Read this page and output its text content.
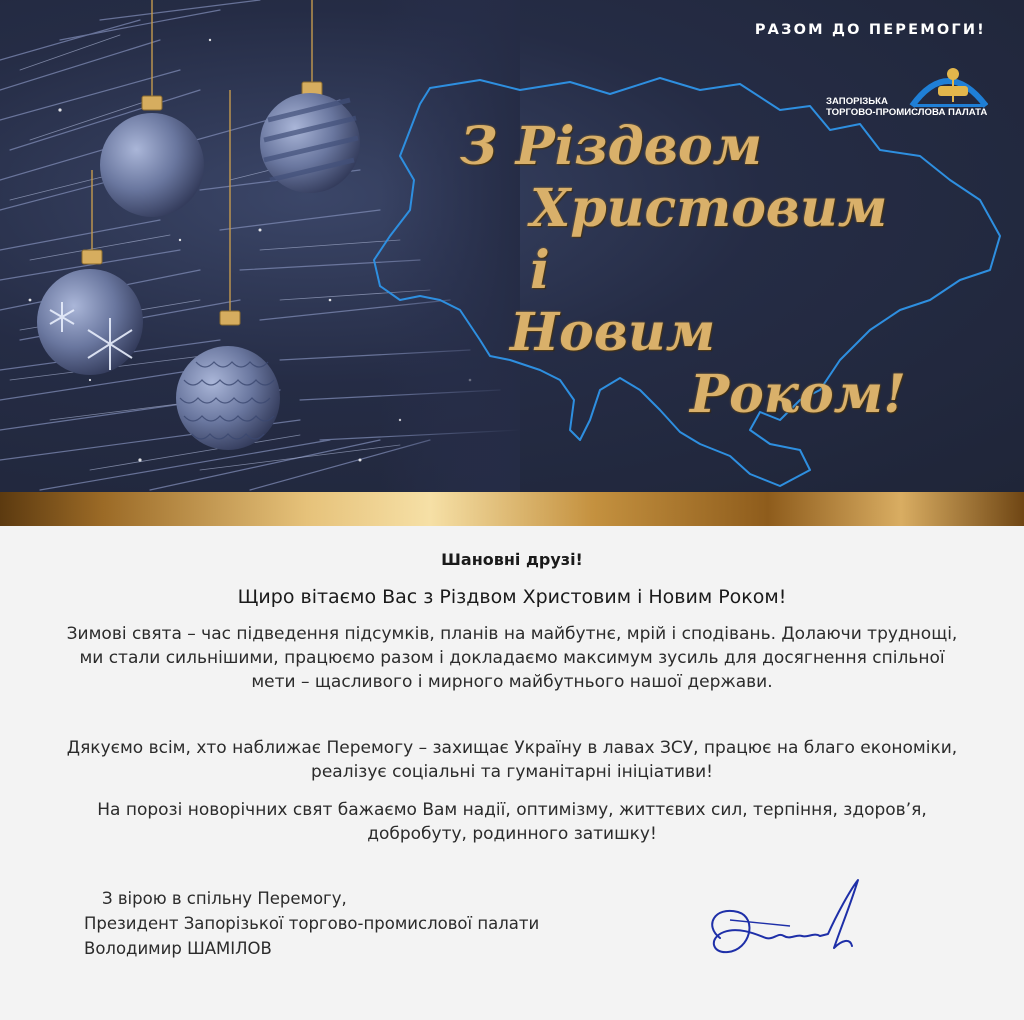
РАЗОМ ДО ПЕРЕМОГИ!
ЗАПОРІЗЬКА
ТОРГОВО-ПРОМИСЛОВА ПАЛАТА
З Різдвом
Христовим і
Новим
Роком!
Шановні друзі!
Щиро вітаємо Вас з Різдвом Христовим і Новим Роком!
Зимові свята – час підведення підсумків, планів на майбутнє, мрій і сподівань. Долаючи труднощі, ми стали сильнішими, працюємо разом і докладаємо максимум зусиль для досягнення спільної мети – щасливого і мирного майбутнього нашої держави.
Дякуємо всім, хто наближає Перемогу – захищає Україну в лавах ЗСУ, працює на благо економіки, реалізує соціальні та гуманітарні ініціативи!
На порозі новорічних свят бажаємо Вам надії, оптимізму, життєвих сил, терпіння, здоров’я, добробуту, родинного затишку!
З вірою в спільну Перемогу,
Президент Запорізької торгово-промислової палати
Володимир ШАМІЛОВ
